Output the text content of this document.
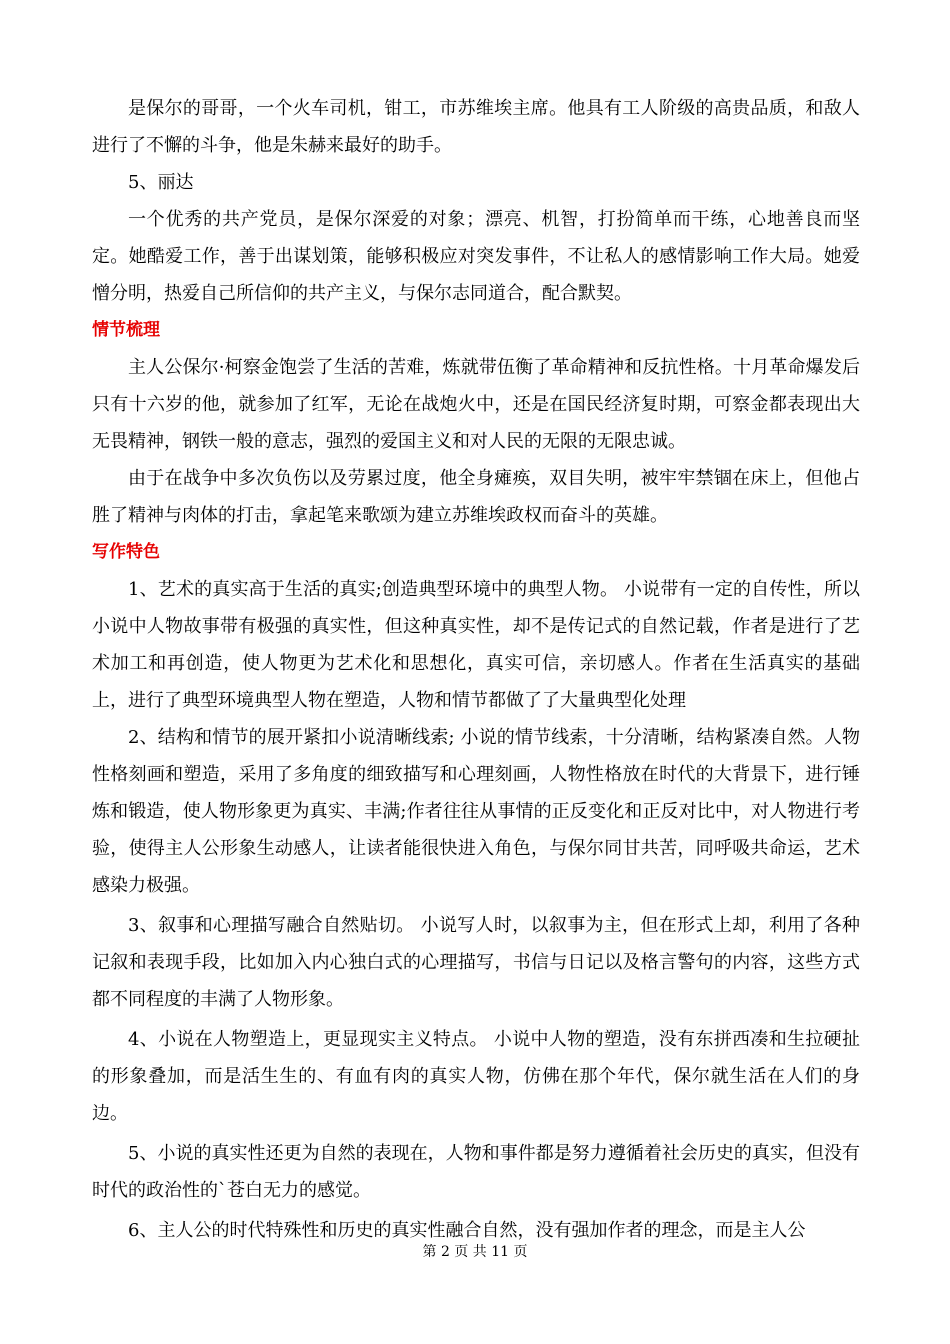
是保尔的哥哥，一个火车司机，钳工，市苏维埃主席。他具有工人阶级的高贵品质，和敌人进行了不懈的斗争，他是朱赫来最好的助手。

5、丽达

一个优秀的共产党员，是保尔深爱的对象；漂亮、机智，打扮简单而干练，心地善良而坚定。她酷爱工作，善于出谋划策，能够积极应对突发事件，不让私人的感情影响工作大局。她爱憎分明，热爱自己所信仰的共产主义，与保尔志同道合，配合默契。

情节梳理

主人公保尔·柯察金饱尝了生活的苦难，炼就带伍衡了革命精神和反抗性格。十月革命爆发后只有十六岁的他，就参加了红军，无论在战炮火中，还是在国民经济复时期，可察金都表现出大无畏精神，钢铁一般的意志，强烈的爱国主义和对人民的无限的无限忠诚。

由于在战争中多次负伤以及劳累过度，他全身瘫痪，双目失明，被牢牢禁锢在床上，但他占胜了精神与肉体的打击，拿起笔来歌颂为建立苏维埃政权而奋斗的英雄。

写作特色

1、艺术的真实高于生活的真实;创造典型环境中的典型人物。 小说带有一定的自传性，所以小说中人物故事带有极强的真实性，但这种真实性，却不是传记式的自然记载，作者是进行了艺术加工和再创造，使人物更为艺术化和思想化，真实可信，亲切感人。作者在生活真实的基础上，进行了典型环境典型人物在塑造，人物和情节都做了了大量典型化处理

2、结构和情节的展开紧扣小说清晰线索; 小说的情节线索，十分清晰，结构紧凑自然。人物性格刻画和塑造，采用了多角度的细致描写和心理刻画，人物性格放在时代的大背景下，进行锤炼和锻造，使人物形象更为真实、丰满;作者往往从事情的正反变化和正反对比中，对人物进行考验，使得主人公形象生动感人，让读者能很快进入角色，与保尔同甘共苦，同呼吸共命运，艺术感染力极强。

3、叙事和心理描写融合自然贴切。 小说写人时，以叙事为主，但在形式上却，利用了各种记叙和表现手段，比如加入内心独白式的心理描写，书信与日记以及格言警句的内容，这些方式都不同程度的丰满了人物形象。

4、小说在人物塑造上，更显现实主义特点。 小说中人物的塑造，没有东拼西凑和生拉硬扯的形象叠加，而是活生生的、有血有肉的真实人物，仿佛在那个年代，保尔就生活在人们的身边。

5、小说的真实性还更为自然的表现在，人物和事件都是努力遵循着社会历史的真实，但没有时代的政治性的`苍白无力的感觉。

6、主人公的时代特殊性和历史的真实性融合自然，没有强加作者的理念，而是主人公

第 2 页 共 11 页
